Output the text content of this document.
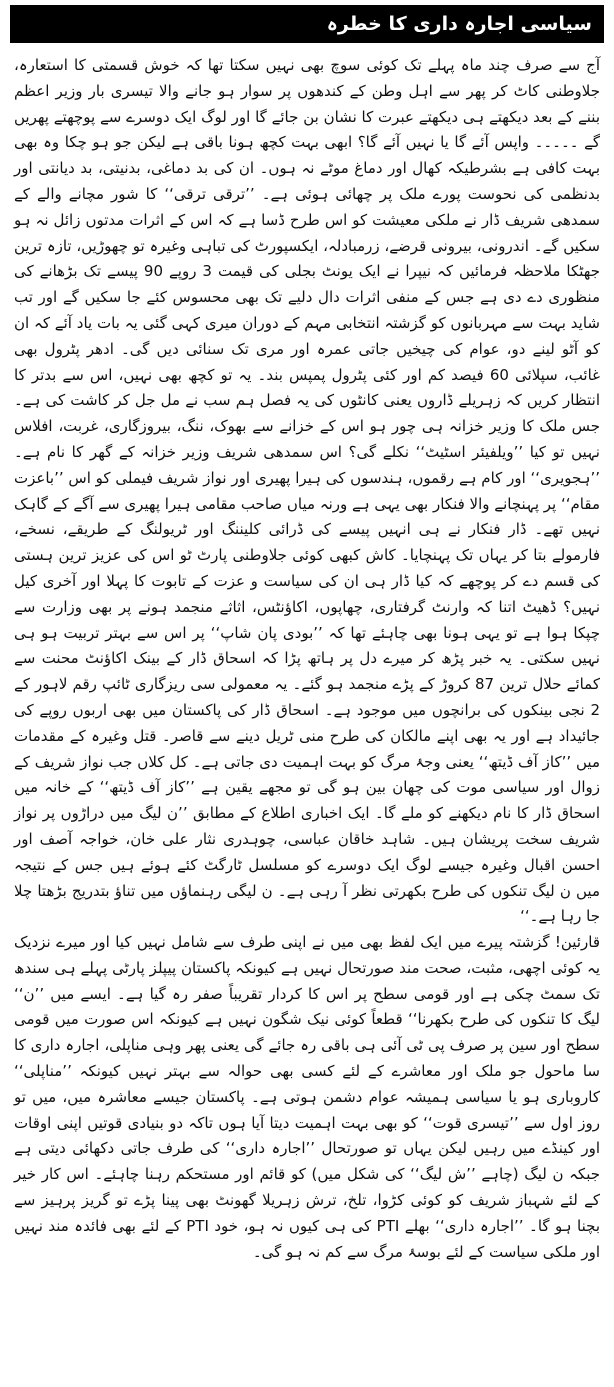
سیاسی اجارہ داری کا خطرہ

آج سے صرف چند ماہ پہلے تک کوئی سوچ بھی نہیں سکتا تھا کہ خوش قسمتی کا استعارہ، جلاوطنی کاٹ کر پھر سے اہل وطن کے کندھوں پر سوار ہو جانے والا تیسری بار وزیر اعظم بننے کے بعد دیکھتے ہی دیکھتے عبرت کا نشان بن جائے گا اور لوگ ایک دوسرے سے پوچھتے پھریں گے ۔۔۔۔۔ واپس آئے گا یا نہیں آئے گا؟ ابھی بہت کچھ ہونا باقی ہے لیکن جو ہو چکا وہ بھی بہت کافی ہے بشرطیکہ کھال اور دماغ موٹے نہ ہوں۔ ان کی بد دماغی، بدنیتی، بد دیانتی اور بدنظمی کی نحوست پورے ملک پر چھائی ہوئی ہے۔ ’’ترقی ترقی‘‘ کا شور مچانے والے کے سمدھی شریف ڈار نے ملکی معیشت کو اس طرح ڈسا ہے کہ اس کے اثرات مدتوں زائل نہ ہو سکیں گے۔ اندرونی، بیرونی قرضے، زرمبادلہ، ایکسپورٹ کی تباہی وغیرہ تو چھوڑیں، تازہ ترین جھٹکا ملاحظہ فرمائیں کہ نیپرا نے ایک یونٹ بجلی کی قیمت 3 روپے 90 پیسے تک بڑھانے کی منظوری دے دی ہے جس کے منفی اثرات دال دلیے تک بھی محسوس کئے جا سکیں گے اور تب شاید بہت سے مہربانوں کو گزشتہ انتخابی مہم کے دوران میری کہی گئی یہ بات یاد آئے کہ ان کو آٹو لینے دو، عوام کی چیخیں جاتی عمرہ اور مری تک سنائی دیں گی۔ ادھر پٹرول بھی غائب، سپلائی 60 فیصد کم اور کئی پٹرول پمپس بند۔ یہ تو کچھ بھی نہیں، اس سے بدتر کا انتظار کریں کہ زہریلے ڈاروں یعنی کانٹوں کی یہ فصل ہم سب نے مل جل کر کاشت کی ہے۔ جس ملک کا وزیر خزانہ ہی چور ہو اس کے خزانے سے بھوک، ننگ، بیروزگاری، غربت، افلاس نہیں تو کیا ’’ویلفیئر اسٹیٹ‘‘ نکلے گی؟ اس سمدھی شریف وزیر خزانہ کے گھر کا نام ہے۔ ’’ہجویری‘‘ اور کام ہے رقموں، ہندسوں کی ہیرا پھیری اور نواز شریف فیملی کو اس ’’باعزت مقام‘‘ پر پہنچانے والا فنکار بھی یہی ہے ورنہ میاں صاحب مقامی ہیرا پھیری سے آگے کے گاہک نہیں تھے۔ ڈار فنکار نے ہی انہیں پیسے کی ڈرائی کلیننگ اور ٹریولنگ کے طریقے، نسخے، فارمولے بتا کر یہاں تک پہنچایا۔ کاش کبھی کوئی جلاوطنی پارٹ ٹو اس کی عزیز ترین ہستی کی قسم دے کر پوچھے کہ کیا ڈار ہی ان کی سیاست و عزت کے تابوت کا پہلا اور آخری کیل نہیں؟ ڈھیٹ اتنا کہ وارنٹ گرفتاری، چھاپوں، اکاؤنٹس، اثاثے منجمد ہونے پر بھی وزارت سے چپکا ہوا ہے تو یہی ہونا بھی چاہئے تھا کہ ’’بودی پان شاپ‘‘ پر اس سے بہتر تربیت ہو ہی نہیں سکتی۔ یہ خبر پڑھ کر میرے دل پر ہاتھ پڑا کہ اسحاق ڈار کے بینک اکاؤنٹ محنت سے کمائے حلال ترین 87 کروڑ کے پڑے منجمد ہو گئے۔ یہ معمولی سی ریزگاری ٹائپ رقم لاہور کے 2 نجی بینکوں کی برانچوں میں موجود ہے۔ اسحاق ڈار کی پاکستان میں بھی اربوں روپے کی جائیداد ہے اور یہ بھی اپنے مالکان کی طرح منی ٹریل دینے سے قاصر۔ قتل وغیرہ کے مقدمات میں ’’کاز آف ڈیتھ‘‘ یعنی وجۂ مرگ کو بہت اہمیت دی جاتی ہے۔ کل کلاں جب نواز شریف کے زوال اور سیاسی موت کی چھان بین ہو گی تو مجھے یقین ہے ’’کاز آف ڈیتھ‘‘ کے خانہ میں اسحاق ڈار کا نام دیکھنے کو ملے گا۔ ایک اخباری اطلاع کے مطابق ’’ن لیگ میں دراڑوں پر نواز شریف سخت پریشان ہیں۔ شاہد خاقان عباسی، چوہدری نثار علی خان، خواجہ آصف اور احسن اقبال وغیرہ جیسے لوگ ایک دوسرے کو مسلسل ٹارگٹ کئے ہوئے ہیں جس کے نتیجہ میں ن لیگ تنکوں کی طرح بکھرتی نظر آ رہی ہے۔ ن لیگی رہنماؤں میں تناؤ بتدریج بڑھتا چلا جا رہا ہے۔‘‘

قارئین! گزشتہ پیرے میں ایک لفظ بھی میں نے اپنی طرف سے شامل نہیں کیا اور میرے نزدیک یہ کوئی اچھی، مثبت، صحت مند صورتحال نہیں ہے کیونکہ پاکستان پیپلز پارٹی پہلے ہی سندھ تک سمٹ چکی ہے اور قومی سطح پر اس کا کردار تقریباً صفر رہ گیا ہے۔ ایسے میں ’’ن‘‘ لیگ کا تنکوں کی طرح بکھرنا‘‘ قطعاً کوئی نیک شگون نہیں ہے کیونکہ اس صورت میں قومی سطح اور سین پر صرف پی ٹی آئی ہی باقی رہ جائے گی یعنی پھر وہی مناپلی، اجارہ داری کا سا ماحول جو ملک اور معاشرے کے لئے کسی بھی حوالہ سے بہتر نہیں کیونکہ ’’مناپلی‘‘ کاروباری ہو یا سیاسی ہمیشہ عوام دشمن ہوتی ہے۔ پاکستان جیسے معاشرہ میں، میں تو روز اول سے ’’تیسری قوت‘‘ کو بھی بہت اہمیت دیتا آیا ہوں تاکہ دو بنیادی قوتیں اپنی اوقات اور کینڈے میں رہیں لیکن یہاں تو صورتحال ’’اجارہ داری‘‘ کی طرف جاتی دکھائی دیتی ہے جبکہ ن لیگ (چاہے ’’ش لیگ‘‘ کی شکل میں) کو قائم اور مستحکم رہنا چاہئے۔ اس کار خیر کے لئے شہباز شریف کو کوئی کڑوا، تلخ، ترش زہریلا گھونٹ بھی پینا پڑے تو گریز پرہیز سے بچنا ہو گا۔ ’’اجارہ داری‘‘ بھلے PTI کی ہی کیوں نہ ہو، خود PTI کے لئے بھی فائدہ مند نہیں اور ملکی سیاست کے لئے بوسۂ مرگ سے کم نہ ہو گی۔
